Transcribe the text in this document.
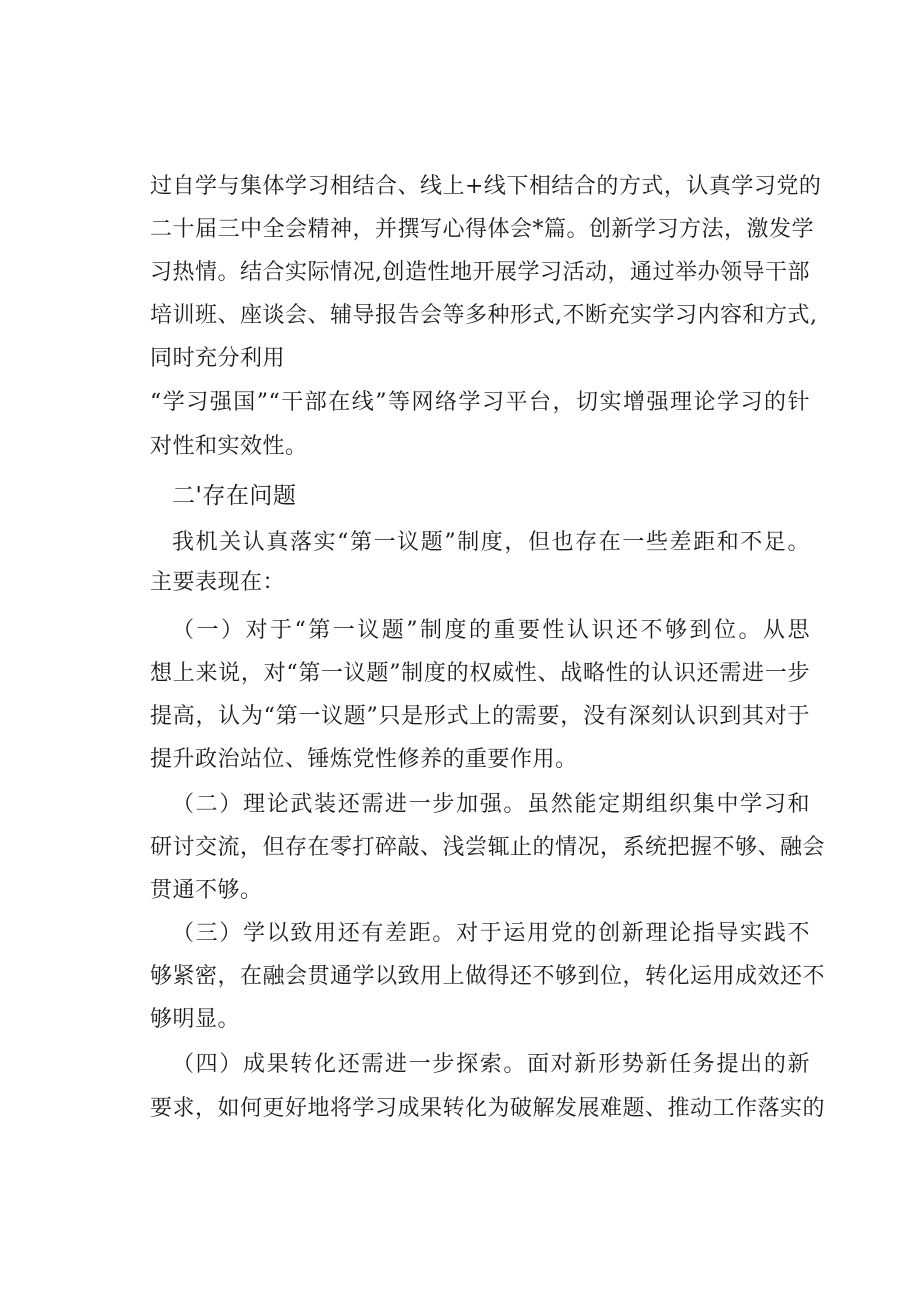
过自学与集体学习相结合、线上+线下相结合的方式，认真学习党的
二十届三中全会精神，并撰写心得体会*篇。创新学习方法，激发学
习热情。结合实际情况,创造性地开展学习活动，通过举办领导干部
培训班、座谈会、辅导报告会等多种形式,不断充实学习内容和方式,
同时充分利用
“学习强国”“干部在线”等网络学习平台，切实增强理论学习的针
对性和实效性。
二'存在问题
我机关认真落实“第一议题”制度，但也存在一些差距和不足。
主要表现在：
（一）对于“第一议题”制度的重要性认识还不够到位。从思
想上来说，对“第一议题”制度的权威性、战略性的认识还需进一步
提高，认为“第一议题”只是形式上的需要，没有深刻认识到其对于
提升政治站位、锤炼党性修养的重要作用。
（二）理论武装还需进一步加强。虽然能定期组织集中学习和
研讨交流，但存在零打碎敲、浅尝辄止的情况，系统把握不够、融会
贯通不够。
（三）学以致用还有差距。对于运用党的创新理论指导实践不
够紧密，在融会贯通学以致用上做得还不够到位，转化运用成效还不
够明显。
（四）成果转化还需进一步探索。面对新形势新任务提出的新
要求，如何更好地将学习成果转化为破解发展难题、推动工作落实的
